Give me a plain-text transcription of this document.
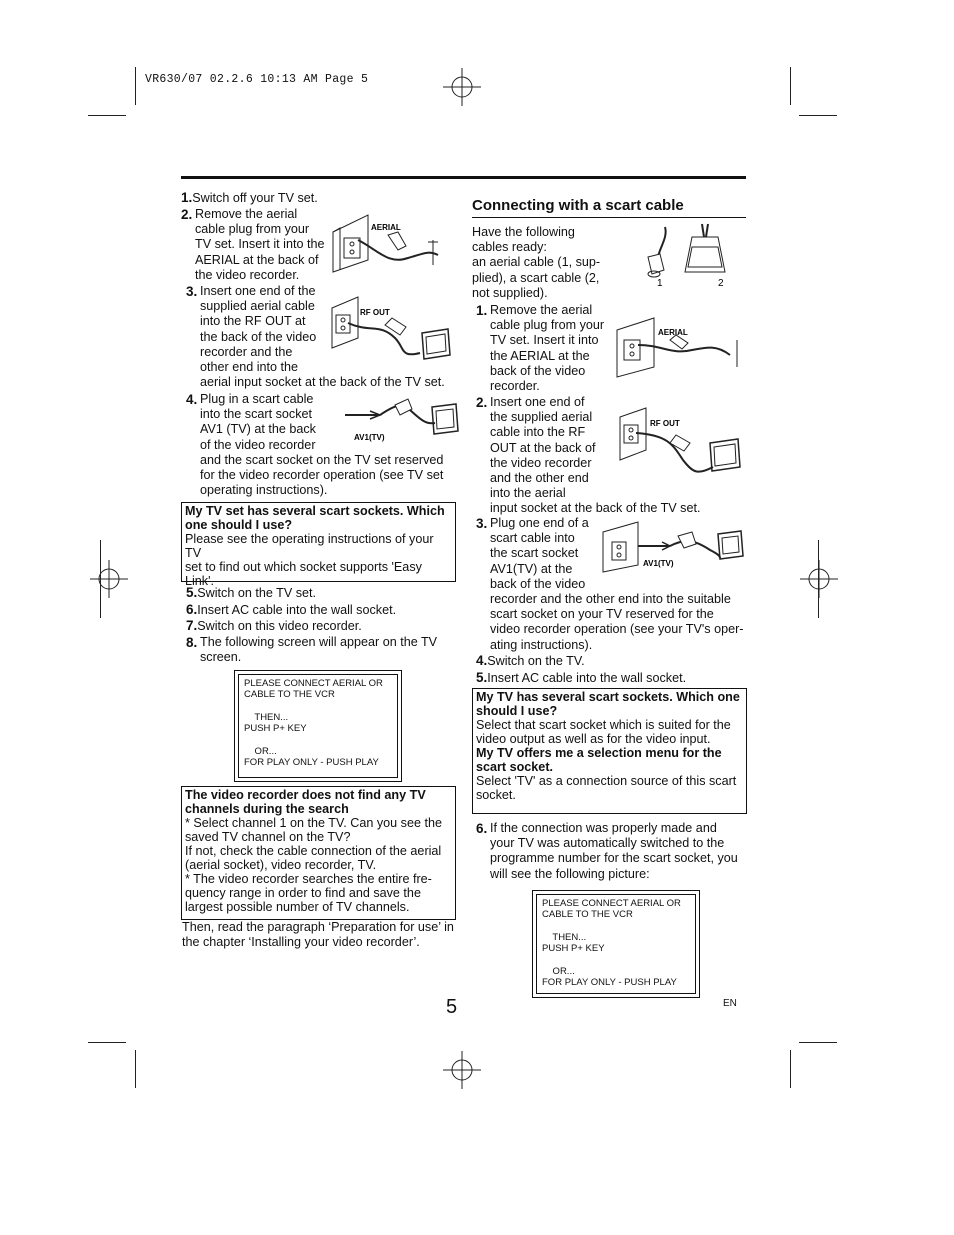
VR630/07 02.2.6 10:13 AM Page 5
1.Switch off your TV set.
2. Remove the aerial
cable plug from your
TV set. Insert it into the
AERIAL at the back of
the video recorder.
3. Insert one end of the
supplied aerial cable
into the RF OUT at
the back of the video
recorder and the
other end into the
aerial input socket at the back of the TV set.
4. Plug in a scart cable
into the scart socket
AV1 (TV) at the back
of the video recorder
and the scart socket on the TV set reserved
for the video recorder operation (see TV set
operating instructions).
AERIAL
RF OUT
AV1(TV)
My TV set has several scart sockets. Which
one should I use?
Please see the operating instructions of your TV
set to find out which socket supports 'Easy
Link'.
5.Switch on the TV set.
6.Insert AC cable into the wall socket.
7.Switch on this video recorder.
8. The following screen will appear on the TV
screen.
PLEASE CONNECT AERIAL OR
CABLE TO THE VCR

THEN...
PUSH P+ KEY

OR...
FOR PLAY ONLY - PUSH PLAY
The video recorder does not find any TV
channels during the search
* Select channel 1 on the TV. Can you see the
saved TV channel on the TV?
If not, check the cable connection of the aerial
(aerial socket), video recorder, TV.
* The video recorder searches the entire fre-
quency range in order to find and save the
largest possible number of TV channels.
Then, read the paragraph ‘Preparation for use’ in
the chapter ‘Installing your video recorder’.
Connecting with a scart cable
Have the following
cables ready:
an aerial cable (1, sup-
plied), a scart cable (2,
not supplied).
1	2
1. Remove the aerial
cable plug from your
TV set. Insert it into
the AERIAL at the
back of the video
recorder.
2. Insert one end of
the supplied aerial
cable into the RF
OUT at the back of
the video recorder
and the other end
into the aerial
input socket at the back of the TV set.
3. Plug one end of a
scart cable into
the scart socket
AV1(TV) at the
back of the video
recorder and the other end into the suitable
scart socket on your TV reserved for the
video recorder operation (see your TV's oper-
ating instructions).
4.Switch on the TV.
5.Insert AC cable into the wall socket.
AERIAL
RF OUT
AV1(TV)
My TV has several scart sockets. Which one
should I use?
Select that scart socket which is suited for the
video output as well as for the video input.
My TV offers me a selection menu for the
scart socket.
Select 'TV' as a connection source of this scart
socket.
6. If the connection was properly made and
your TV was automatically switched to the
programme number for the scart socket, you
will see the following picture:
PLEASE CONNECT AERIAL OR
CABLE TO THE VCR

THEN...
PUSH P+ KEY

OR...
FOR PLAY ONLY - PUSH PLAY
5	EN
